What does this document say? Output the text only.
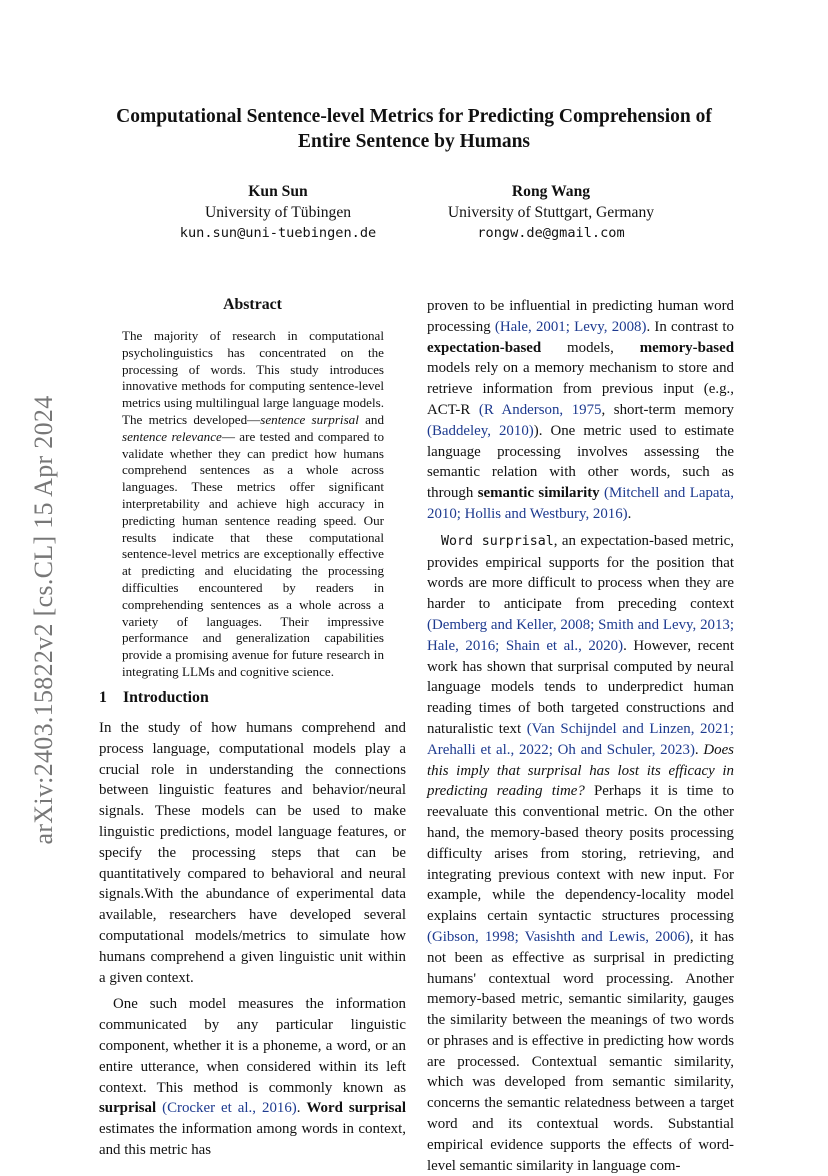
arXiv:2403.15822v2 [cs.CL] 15 Apr 2024
Computational Sentence-level Metrics for Predicting Comprehension of
Entire Sentence by Humans
Kun Sun
University of Tübingen
kun.sun@uni-tuebingen.de
Rong Wang
University of Stuttgart, Germany
rongw.de@gmail.com
Abstract
The majority of research in computational psycholinguistics has concentrated on the processing of words. This study introduces innovative methods for computing sentence-level metrics using multilingual large language models. The metrics developed—sentence surprisal and sentence relevance— are tested and compared to validate whether they can predict how humans comprehend sentences as a whole across languages. These metrics offer significant interpretability and achieve high accuracy in predicting human sentence reading speed. Our results indicate that these computational sentence-level metrics are exceptionally effective at predicting and elucidating the processing difficulties encountered by readers in comprehending sentences as a whole across a variety of languages. Their impressive performance and generalization capabilities provide a promising avenue for future research in integrating LLMs and cognitive science.
1 Introduction

In the study of how humans comprehend and process language, computational models play a crucial role in understanding the connections between linguistic features and behavior/neural signals. These models can be used to make linguistic predictions, model language features, or specify the processing steps that can be quantitatively compared to behavioral and neural signals.With the abundance of experimental data available, researchers have developed several computational models/metrics to simulate how humans comprehend a given linguistic unit within a given context.

One such model measures the information communicated by any particular linguistic component, whether it is a phoneme, a word, or an entire utterance, when considered within its left context. This method is commonly known as surprisal (Crocker et al., 2016). Word surprisal estimates the information among words in context, and this metric has

proven to be influential in predicting human word processing (Hale, 2001; Levy, 2008). In contrast to expectation-based models, memory-based models rely on a memory mechanism to store and retrieve information from previous input (e.g., ACT-R (R Anderson, 1975, short-term memory (Baddeley, 2010)). One metric used to estimate language processing involves assessing the semantic relation with other words, such as through semantic similarity (Mitchell and Lapata, 2010; Hollis and Westbury, 2016).

Word surprisal, an expectation-based metric, provides empirical supports for the position that words are more difficult to process when they are harder to anticipate from preceding context (Demberg and Keller, 2008; Smith and Levy, 2013; Hale, 2016; Shain et al., 2020). However, recent work has shown that surprisal computed by neural language models tends to underpredict human reading times of both targeted constructions and naturalistic text (Van Schijndel and Linzen, 2021; Arehalli et al., 2022; Oh and Schuler, 2023). Does this imply that surprisal has lost its efficacy in predicting reading time? Perhaps it is time to reevaluate this conventional metric. On the other hand, the memory-based theory posits processing difficulty arises from storing, retrieving, and integrating previous context with new input. For example, while the dependency-locality model explains certain syntactic structures processing (Gibson, 1998; Vasishth and Lewis, 2006), it has not been as effective as surprisal in predicting humans' contextual word processing. Another memory-based metric, semantic similarity, gauges the similarity between the meanings of two words or phrases and is effective in predicting how words are processed. Contextual semantic similarity, which was developed from semantic similarity, concerns the semantic relatedness between a target word and its contextual words. Substantial empirical evidence supports the effects of word-level semantic similarity in language com-
